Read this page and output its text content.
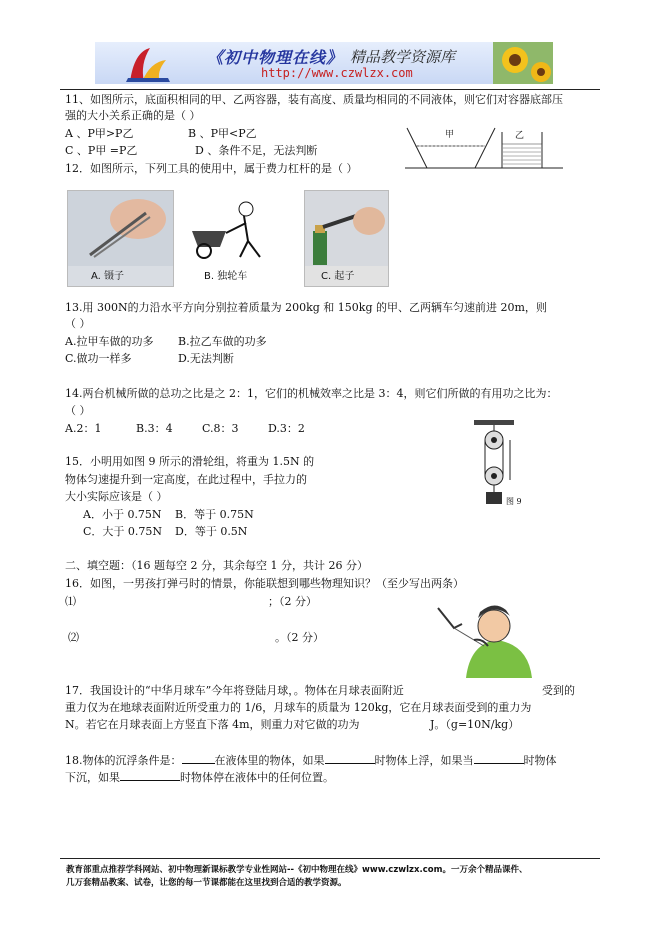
《初中物理在线》 精品教学资源库
http://www.czwlzx.com
11、如图所示，底面积相同的甲、乙两容器，装有高度、质量均相同的不同液体，则它们对容器底部压
强的大小关系正确的是（ ）
A 、P甲>P乙	B 、P甲<P乙
C 、P甲 =P乙	D 、条件不足，无法判断
甲	乙
12．如图所示，下列工具的使用中，属于费力杠杆的是（ ）
A. 镊子	B. 独轮车	C. 起子
13.用 300N的力沿水平方向分别拉着质量为 200kg 和 150kg 的甲、乙两辆车匀速前进 20m，则
（ ）
A.拉甲车做的功多 B.拉乙车做的功多
C.做功一样多	D.无法判断
14.两台机械所做的总功之比是之 2：1，它们的机械效率之比是 3：4，则它们所做的有用功之比为：
（ ）
A.2：1	B.3：4	C.8：3	D.3：2
15．小明用如图 9 所示的滑轮组，将重为 1.5N 的
物体匀速提升到一定高度，在此过程中，手拉力的
大小实际应该是（ ）
A．小于 0.75N B．等于 0.75N
C．大于 0.75N D．等于 0.5N
图 9
二、填空题：（16 题每空 2 分，其余每空 1 分，共计 26 分）
16．如图，一男孩打弹弓时的情景，你能联想到哪些物理知识？（至少写出两条）
⑴	；（2 分）
⑵	。（2 分）
17．我国设计的“中华月球车”今年将登陆月球，。物体在月球表面附近	受到的
重力仅为在地球表面附近所受重力的 1/6，月球车的质量为 120kg，它在月球表面受到的重力为
N。若它在月球表面上方竖直下落 4m，则重力对它做的功为	J。（g=10N/kg）
18.物体的沉浮条件是：	在液体里的物体，如果	时物体上浮，如果当	时物体
下沉，如果	时物体停在液体中的任何位置。
教育部重点推荐学科网站、初中物理新课标教学专业性网站--《初中物理在线》www.czwlzx.com。一万余个精品课件、
几万套精品教案、试卷，让您的每一节课都能在这里找到合适的教学资源。
